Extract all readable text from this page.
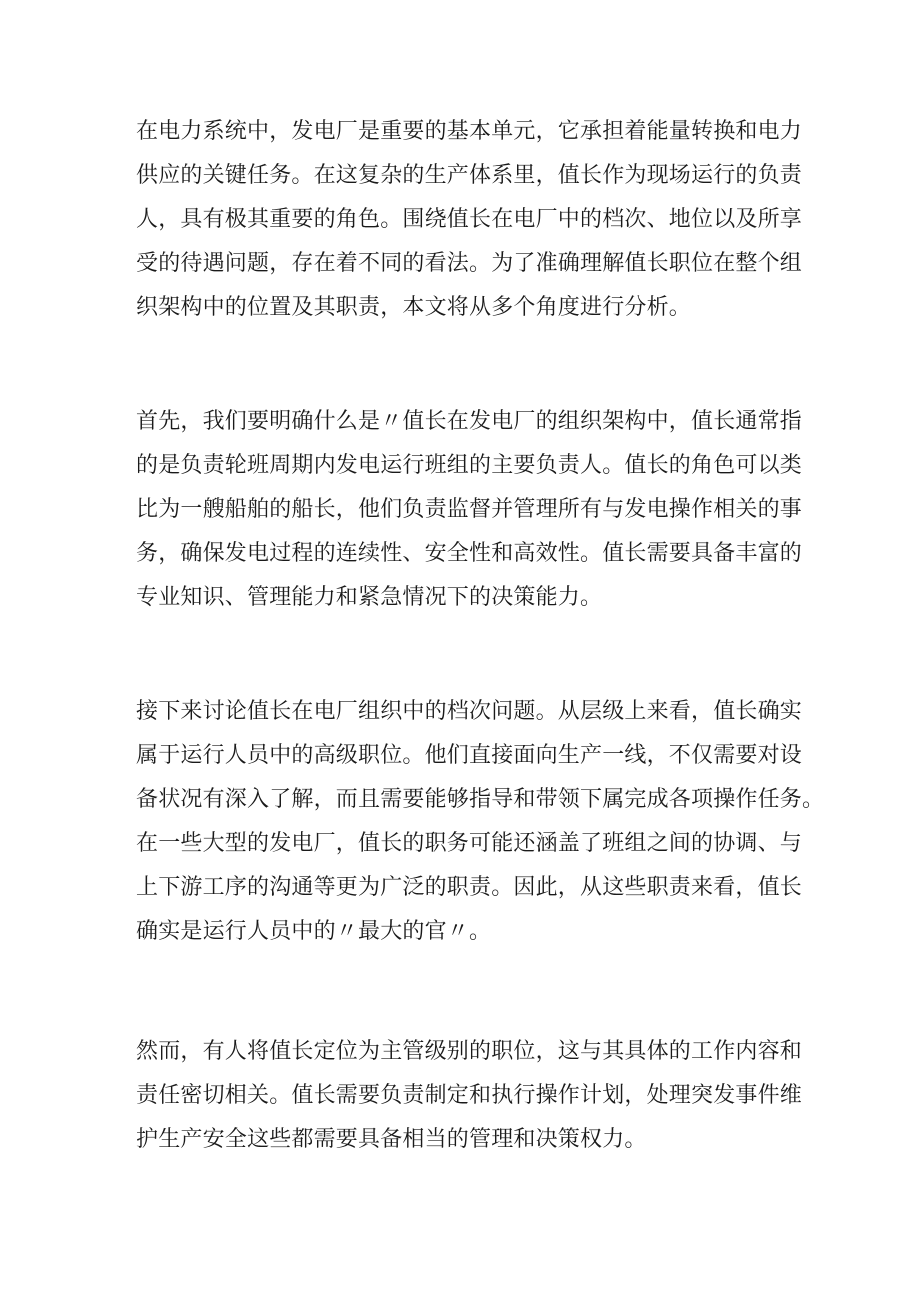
在电力系统中，发电厂是重要的基本单元，它承担着能量转换和电力
供应的关键任务。在这复杂的生产体系里，值长作为现场运行的负责
人，具有极其重要的角色。围绕值长在电厂中的档次、地位以及所享
受的待遇问题，存在着不同的看法。为了准确理解值长职位在整个组
织架构中的位置及其职责，本文将从多个角度进行分析。

首先，我们要明确什么是〃值长在发电厂的组织架构中，值长通常指
的是负责轮班周期内发电运行班组的主要负责人。值长的角色可以类
比为一艘船舶的船长，他们负责监督并管理所有与发电操作相关的事
务，确保发电过程的连续性、安全性和高效性。值长需要具备丰富的
专业知识、管理能力和紧急情况下的决策能力。

接下来讨论值长在电厂组织中的档次问题。从层级上来看，值长确实
属于运行人员中的高级职位。他们直接面向生产一线，不仅需要对设
备状况有深入了解，而且需要能够指导和带领下属完成各项操作任务。
在一些大型的发电厂，值长的职务可能还涵盖了班组之间的协调、与
上下游工序的沟通等更为广泛的职责。因此，从这些职责来看，值长
确实是运行人员中的〃最大的官〃。

然而，有人将值长定位为主管级别的职位，这与其具体的工作内容和
责任密切相关。值长需要负责制定和执行操作计划，处理突发事件维
护生产安全这些都需要具备相当的管理和决策权力。
